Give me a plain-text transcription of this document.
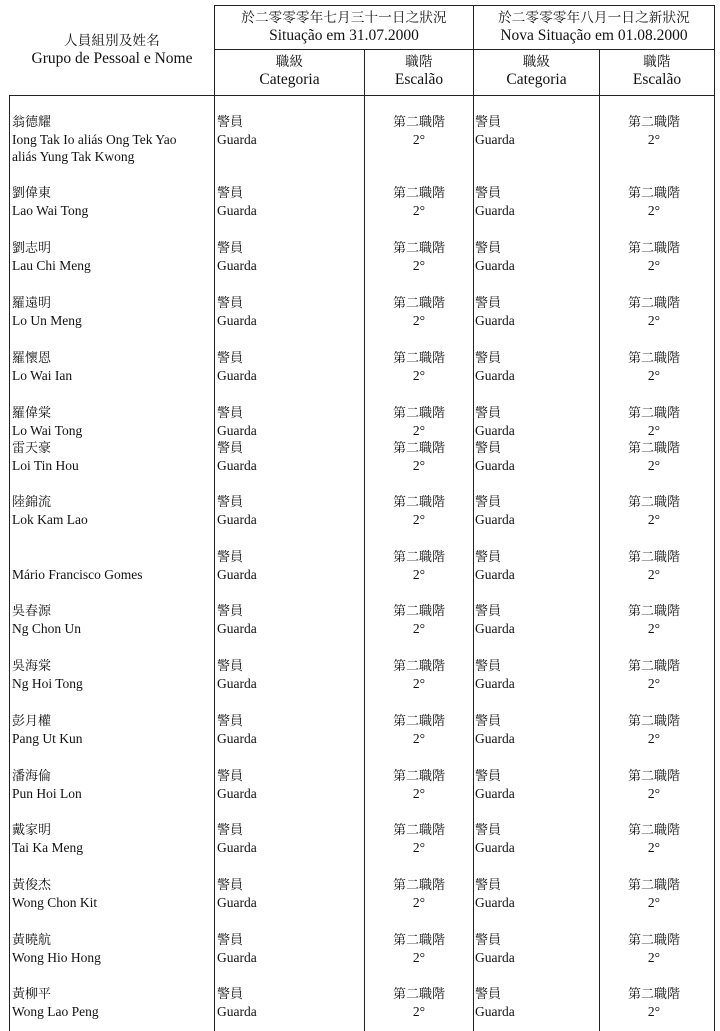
人員組別及姓名
Grupo de Pessoal e Nome
於二零零零年七月三十一日之狀況
Situação em 31.07.2000
於二零零零年八月一日之新狀況
Nova Situação em 01.08.2000
職級
Categoria
職階
Escalão
職級
Categoria
職階
Escalão
翁德耀
Iong Tak Io aliás Ong Tek Yao
aliás Yung Tak Kwong
警員
Guarda
第二職階
2°
警員
Guarda
第二職階
2°
劉偉東
Lao Wai Tong
警員
Guarda
第二職階
2°
警員
Guarda
第二職階
2°
劉志明
Lau Chi Meng
警員
Guarda
第二職階
2°
警員
Guarda
第二職階
2°
羅遠明
Lo Un Meng
警員
Guarda
第二職階
2°
警員
Guarda
第二職階
2°
羅懷恩
Lo Wai Ian
警員
Guarda
第二職階
2°
警員
Guarda
第二職階
2°
羅偉棠
Lo Wai Tong
警員
Guarda
第二職階
2°
警員
Guarda
第二職階
2°
雷天豪
Loi Tin Hou
警員
Guarda
第二職階
2°
警員
Guarda
第二職階
2°
陸錦流
Lok Kam Lao
警員
Guarda
第二職階
2°
警員
Guarda
第二職階
2°
Mário Francisco Gomes
警員
Guarda
第二職階
2°
警員
Guarda
第二職階
2°
吳春源
Ng Chon Un
警員
Guarda
第二職階
2°
警員
Guarda
第二職階
2°
吳海棠
Ng Hoi Tong
警員
Guarda
第二職階
2°
警員
Guarda
第二職階
2°
彭月權
Pang Ut Kun
警員
Guarda
第二職階
2°
警員
Guarda
第二職階
2°
潘海倫
Pun Hoi Lon
警員
Guarda
第二職階
2°
警員
Guarda
第二職階
2°
戴家明
Tai Ka Meng
警員
Guarda
第二職階
2°
警員
Guarda
第二職階
2°
黃俊杰
Wong Chon Kit
警員
Guarda
第二職階
2°
警員
Guarda
第二職階
2°
黃曉航
Wong Hio Hong
警員
Guarda
第二職階
2°
警員
Guarda
第二職階
2°
黃柳平
Wong Lao Peng
警員
Guarda
第二職階
2°
警員
Guarda
第二職階
2°
